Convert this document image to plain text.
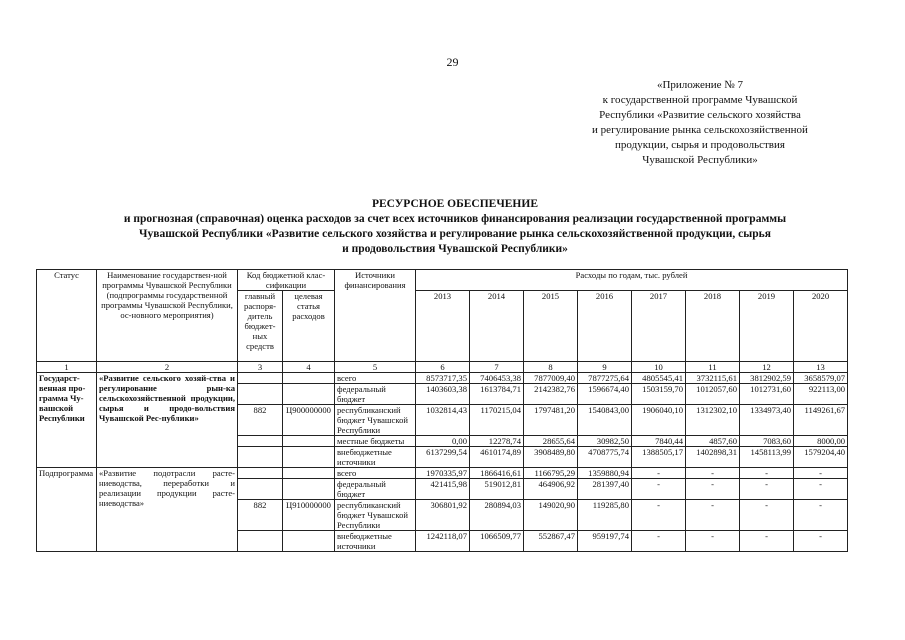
29
«Приложение № 7
к государственной программе Чувашской
Республики «Развитие сельского хозяйства
и регулирование рынка сельскохозяйственной
продукции, сырья и продовольствия
Чувашской Республики»
РЕСУРСНОЕ ОБЕСПЕЧЕНИЕ
и прогнозная (справочная) оценка расходов за счет всех источников финансирования реализации государственной программы
Чувашской Республики «Развитие сельского хозяйства и регулирование рынка сельскохозяйственной продукции, сырья
и продовольствия Чувашской Республики»
Статус	Наименование государствен-ной программы Чувашской Республики (подпрограммы государственной программы Чувашской Республики, ос-новного мероприятия)	Код бюджетной клас-сификации		Источники финансирования	Расходы по годам, тыс. рублей							
		главный распоря-дитель бюджет-ных средств	целевая статья расходов		2013	2014	2015	2016	2017	2018	2019	2020
1	2	3	4	5	6	7	8	9	10	11	12	13
Государст-венная про-грамма Чу-вашской Республики	«Развитие сельского хозяй-ства и регулирование рын-ка сельскохозяйственной продукции, сырья и продо-вольствия Чувашской Рес-публики»			всего	8573717,35	7406453,38	7877009,40	7877275,64	4805545,41	3732115,61	3812902,59	3658579,07
				федеральный бюджет	1403603,38	1613784,71	2142382,76	1596674,40	1503159,70	1012057,60	1012731,60	922113,00
		882	Ц900000000	республиканский бюджет Чувашской Республики	1032814,43	1170215,04	1797481,20	1540843,00	1906040,10	1312302,10	1334973,40	1149261,67
				местные бюджеты	0,00	12278,74	28655,64	30982,50	7840,44	4857,60	7083,60	8000,00
				внебюджетные источники	6137299,54	4610174,89	3908489,80	4708775,74	1388505,17	1402898,31	1458113,99	1579204,40
Подпрограмма	«Развитие подотрасли расте-ниеводства, переработки и реализации продукции расте-ниеводства»			всего	1970335,97	1866416,61	1166795,29	1359880,94	-	-	-	-
				федеральный бюджет	421415,98	519012,81	464906,92	281397,40	-	-	-	-
		882	Ц910000000	республиканский бюджет Чувашской Республики	306801,92	280894,03	149020,90	119285,80	-	-	-	-
				внебюджетные источники	1242118,07	1066509,77	552867,47	959197,74	-	-	-	-
